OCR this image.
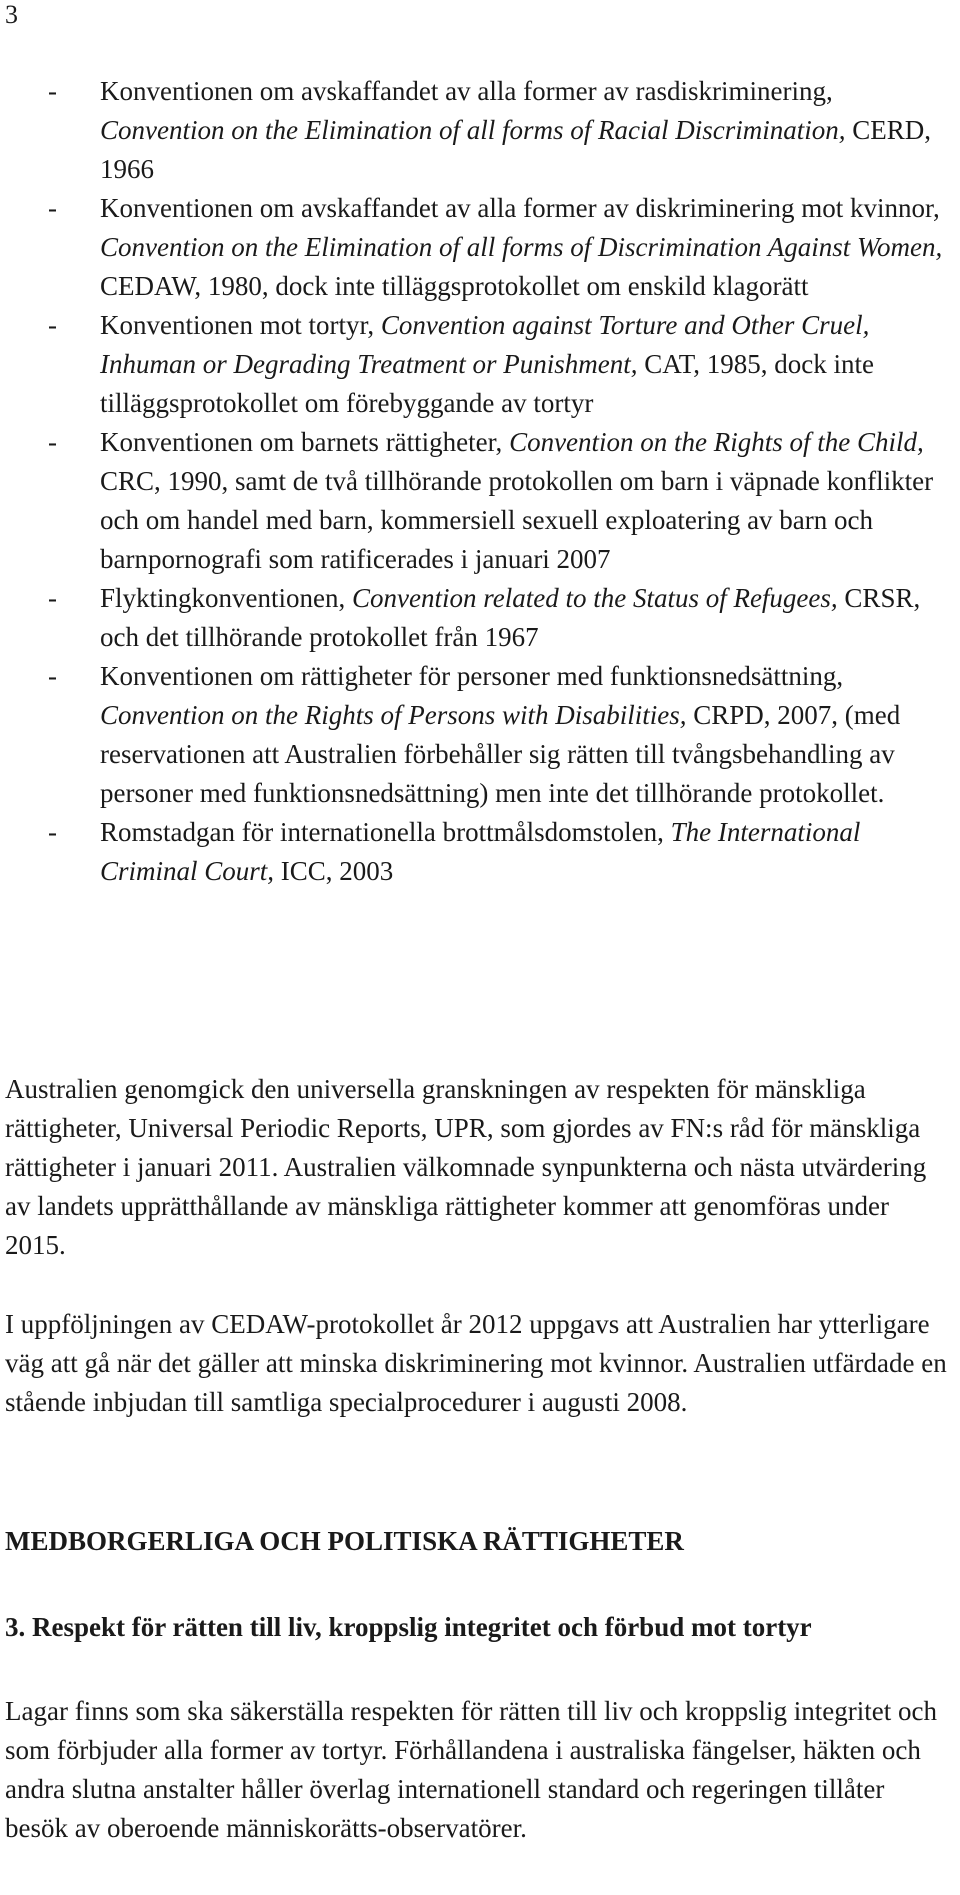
3
- Konventionen om avskaffandet av alla former av rasdiskriminering, Convention on the Elimination of all forms of Racial Discrimination, CERD, 1966
- Konventionen om avskaffandet av alla former av diskriminering mot kvinnor, Convention on the Elimination of all forms of Discrimination Against Women, CEDAW, 1980, dock inte tilläggsprotokollet om enskild klagorätt
- Konventionen mot tortyr, Convention against Torture and Other Cruel, Inhuman or Degrading Treatment or Punishment, CAT, 1985, dock inte tilläggsprotokollet om förebyggande av tortyr
- Konventionen om barnets rättigheter, Convention on the Rights of the Child, CRC, 1990, samt de två tillhörande protokollen om barn i väpnade konflikter och om handel med barn, kommersiell sexuell exploatering av barn och barnpornografi som ratificerades i januari 2007
- Flyktingkonventionen, Convention related to the Status of Refugees, CRSR, och det tillhörande protokollet från 1967
- Konventionen om rättigheter för personer med funktionsnedsättning, Convention on the Rights of Persons with Disabilities, CRPD, 2007, (med reservationen att Australien förbehåller sig rätten till tvångsbehandling av personer med funktionsnedsättning) men inte det tillhörande protokollet.
- Romstadgan för internationella brottmålsdomstolen, The International Criminal Court, ICC, 2003

Australien genomgick den universella granskningen av respekten för mänskliga rättigheter, Universal Periodic Reports, UPR, som gjordes av FN:s råd för mänskliga rättigheter i januari 2011. Australien välkomnade synpunkterna och nästa utvärdering av landets upprätthållande av mänskliga rättigheter kommer att genomföras under 2015.

I uppföljningen av CEDAW-protokollet år 2012 uppgavs att Australien har ytterligare väg att gå när det gäller att minska diskriminering mot kvinnor. Australien utfärdade en stående inbjudan till samtliga specialprocedurer i augusti 2008.

MEDBORGERLIGA OCH POLITISKA RÄTTIGHETER
3. Respekt för rätten till liv, kroppslig integritet och förbud mot tortyr

Lagar finns som ska säkerställa respekten för rätten till liv och kroppslig integritet och som förbjuder alla former av tortyr. Förhållandena i australiska fängelser, häkten och andra slutna anstalter håller överlag internationell standard och regeringen tillåter besök av oberoende människorätts-observatörer.
